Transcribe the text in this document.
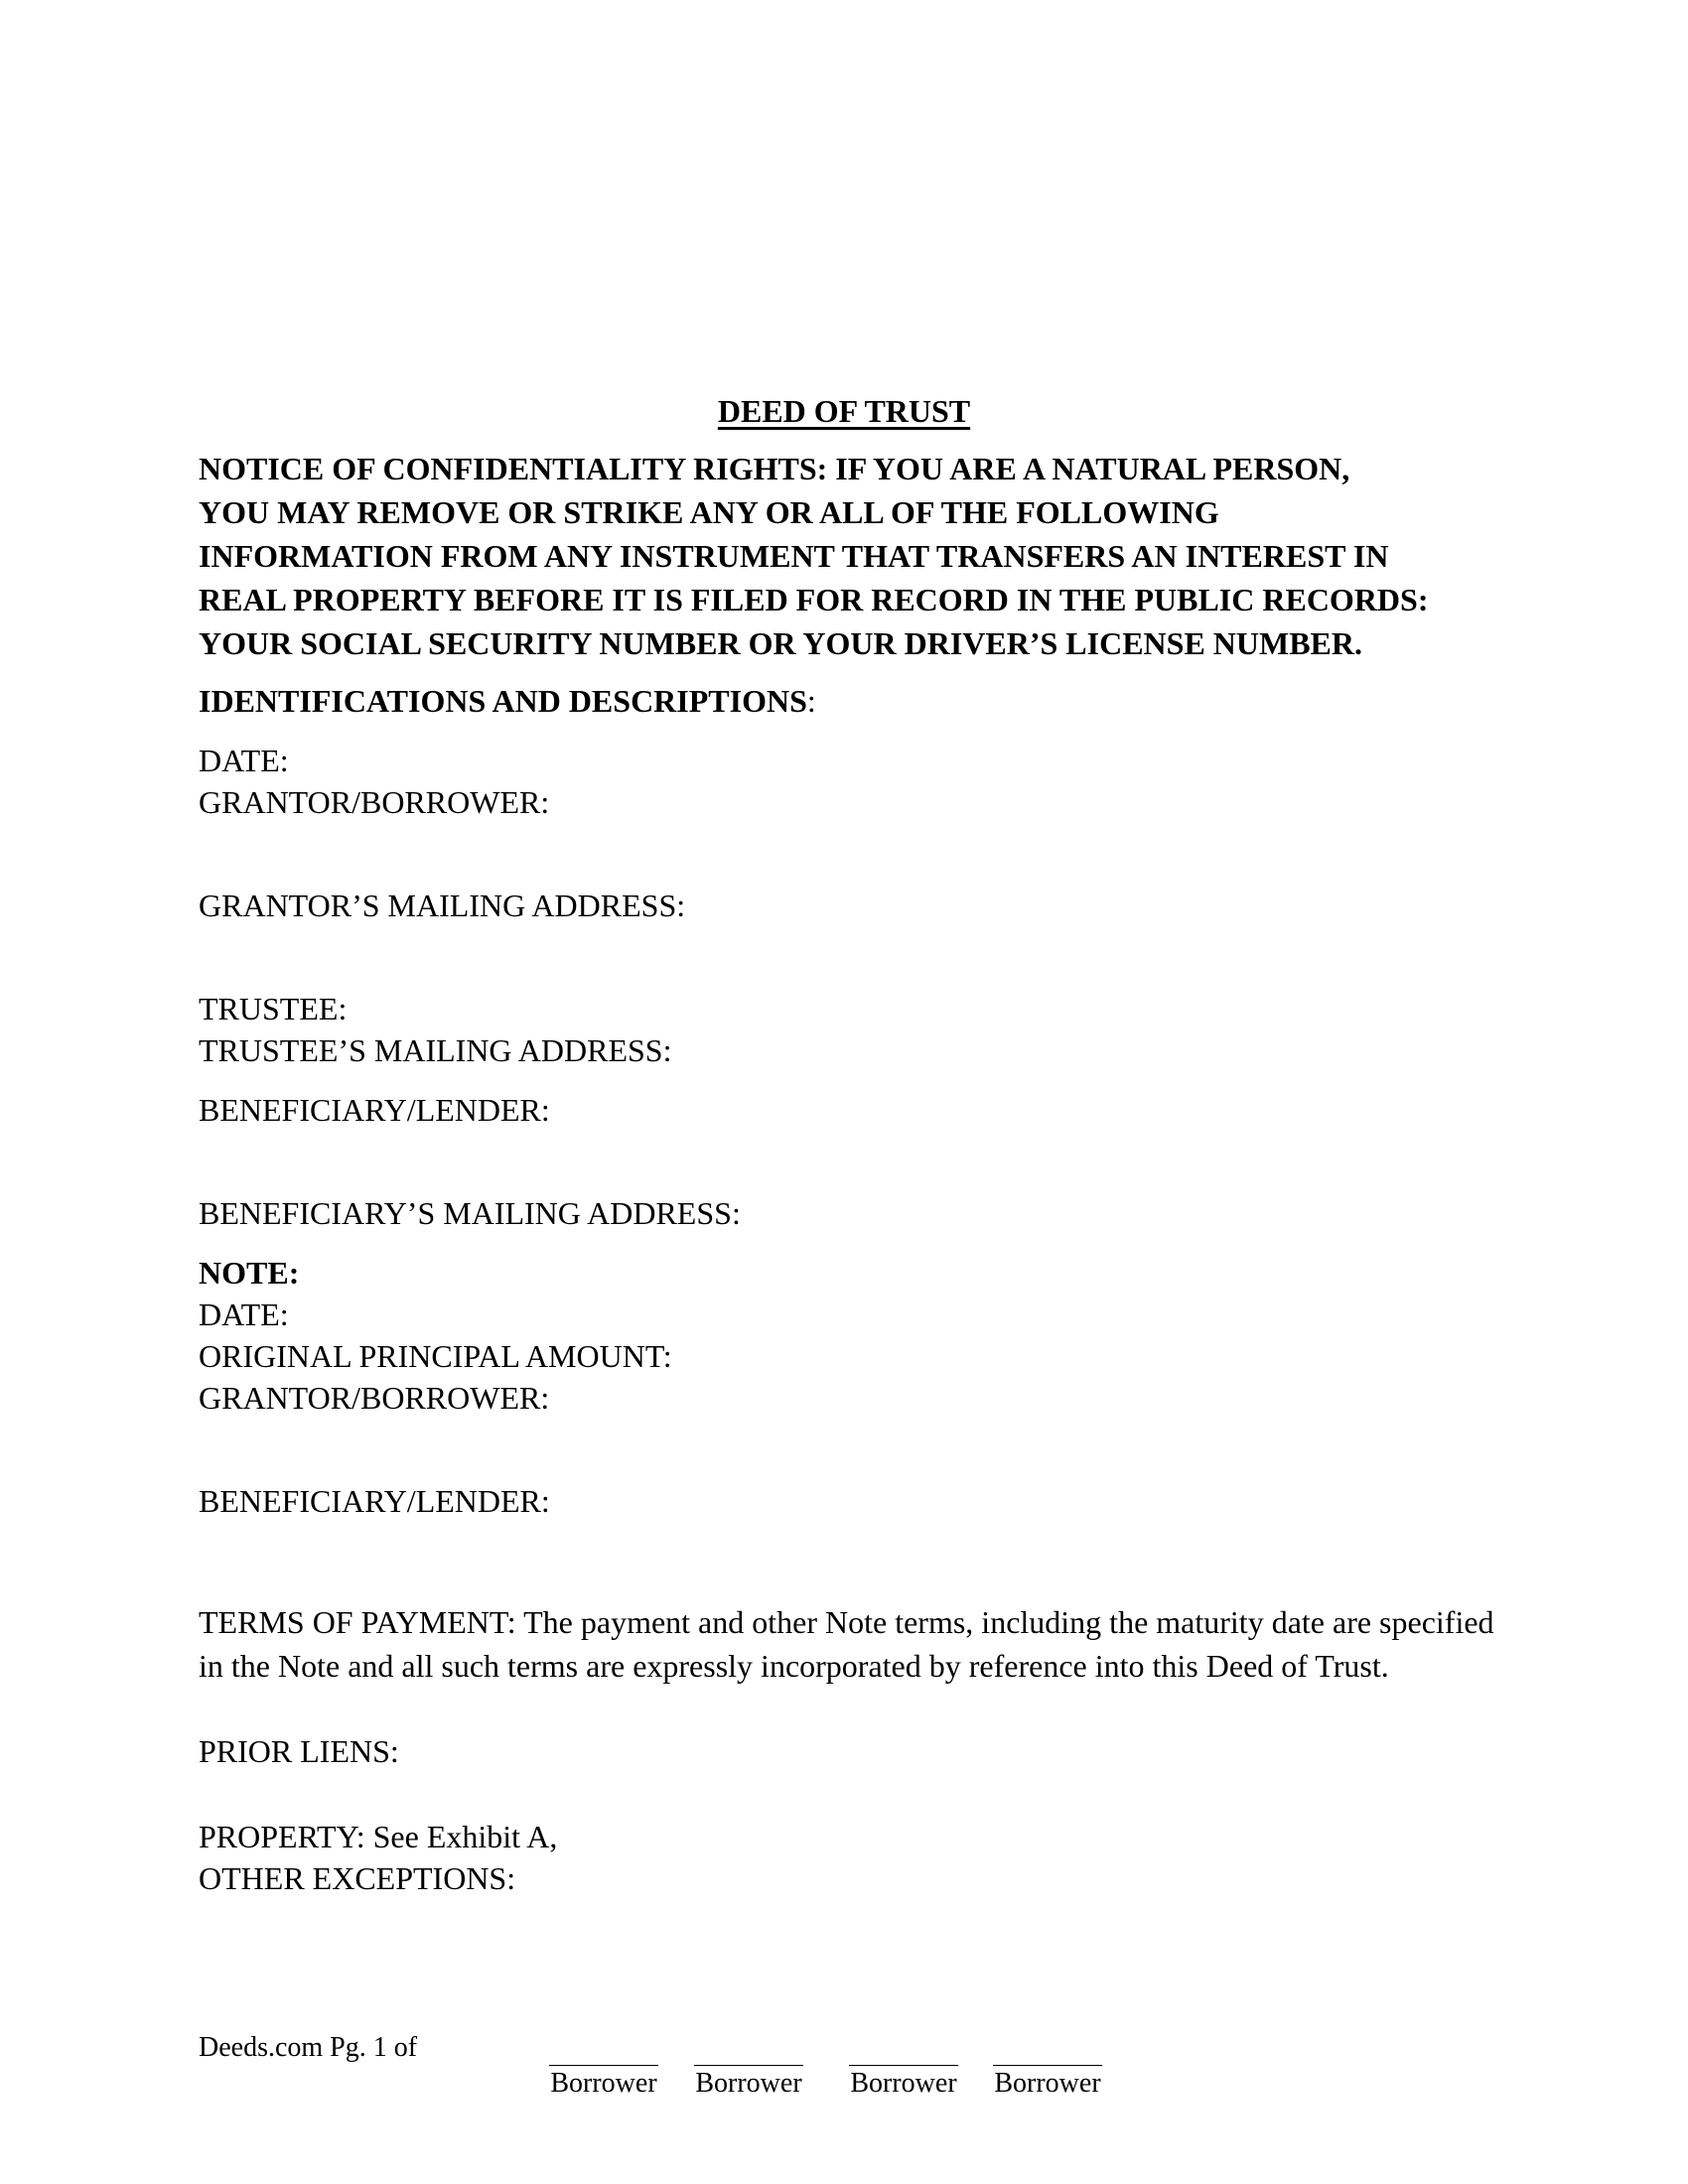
DEED OF TRUST
NOTICE OF CONFIDENTIALITY RIGHTS: IF YOU ARE A NATURAL PERSON,
YOU MAY REMOVE OR STRIKE ANY OR ALL OF THE FOLLOWING
INFORMATION FROM ANY INSTRUMENT THAT TRANSFERS AN INTEREST IN
REAL PROPERTY BEFORE IT IS FILED FOR RECORD IN THE PUBLIC RECORDS:
YOUR SOCIAL SECURITY NUMBER OR YOUR DRIVER’S LICENSE NUMBER.
IDENTIFICATIONS AND DESCRIPTIONS:
DATE:
GRANTOR/BORROWER:
GRANTOR’S MAILING ADDRESS:
TRUSTEE:
TRUSTEE’S MAILING ADDRESS:
BENEFICIARY/LENDER:
BENEFICIARY’S MAILING ADDRESS:
NOTE:
DATE:
ORIGINAL PRINCIPAL AMOUNT:
GRANTOR/BORROWER:
BENEFICIARY/LENDER:
TERMS OF PAYMENT: The payment and other Note terms, including the maturity date are specified in the Note and all such terms are expressly incorporated by reference into this Deed of Trust.
PRIOR LIENS:
PROPERTY: See Exhibit A,
OTHER EXCEPTIONS:
Deeds.com Pg. 1 of
Borrower Borrower Borrower Borrower
